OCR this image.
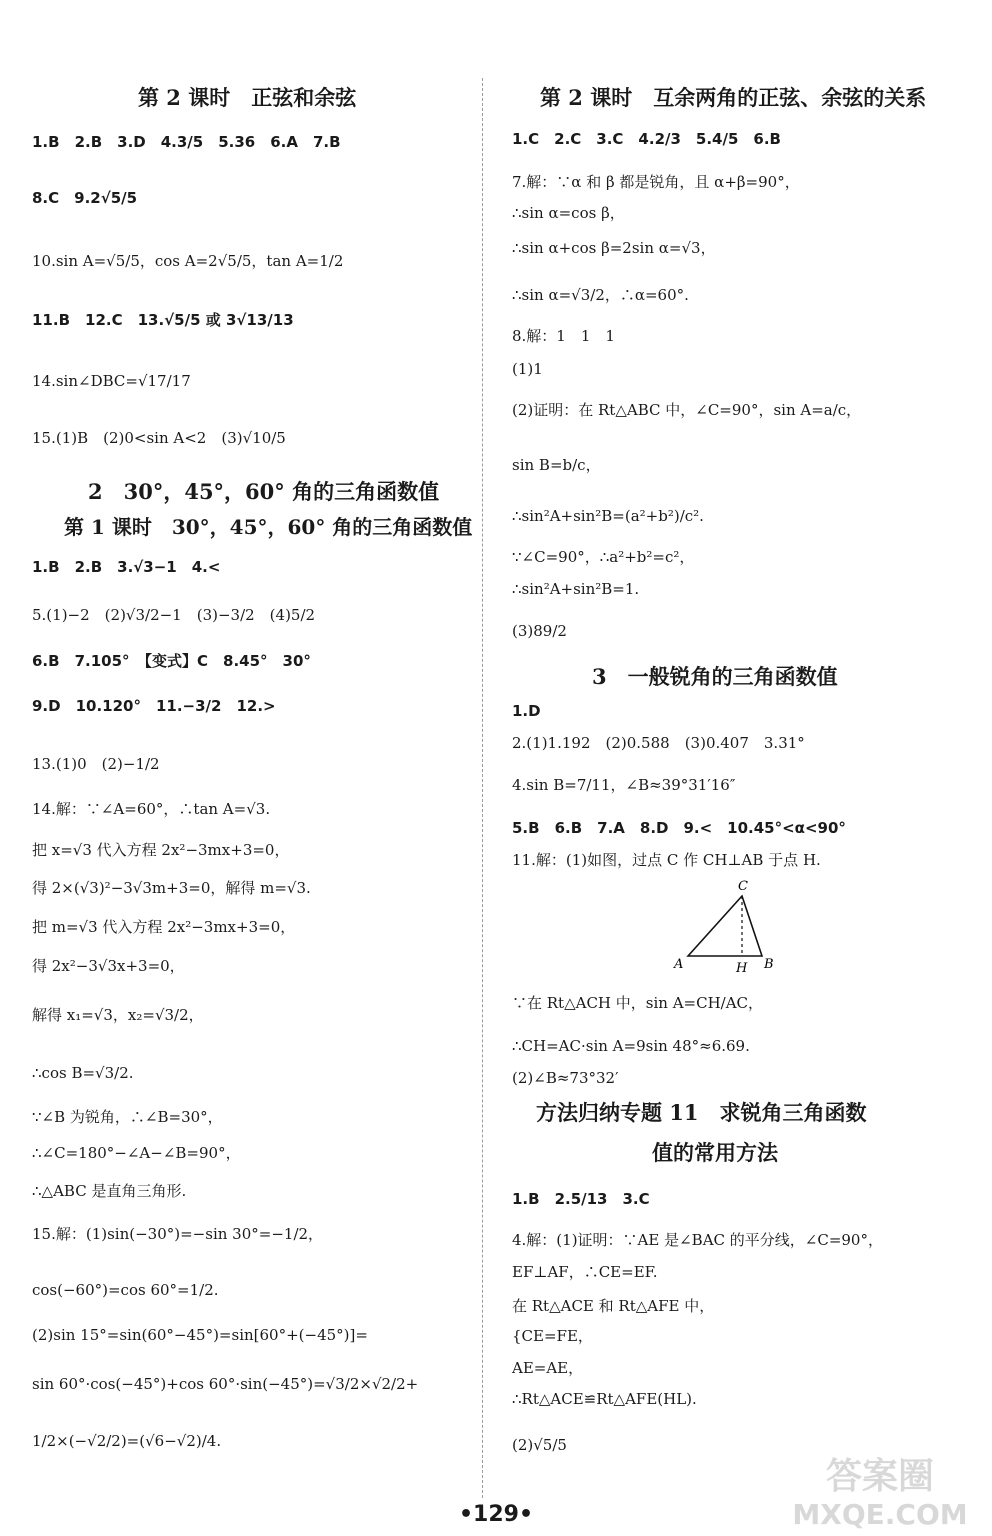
第 2 课时　正弦和余弦
1.B　2.B　3.D　4.3/5　5.36　6.A　7.B
8.C　9.2√5/5
10.sin A=√5/5，cos A=2√5/5，tan A=1/2
11.B　12.C　13.√5/5 或 3√13/13
14.sin∠DBC=√17/17
15.(1)B　(2)0<sin A<2　(3)√10/5
2　30°，45°，60° 角的三角函数值
第 1 课时　30°，45°，60° 角的三角函数值
1.B　2.B　3.√3−1　4.<
5.(1)−2　(2)√3/2−1　(3)−3/2　(4)5/2
6.B　7.105°　【变式】C　8.45°　30°
9.D　10.120°　11.−3/2　12.>
13.(1)0　(2)−1/2
14.解：∵∠A=60°，∴tan A=√3.
把 x=√3 代入方程 2x²−3mx+3=0，
得 2×(√3)²−3√3m+3=0，解得 m=√3.
把 m=√3 代入方程 2x²−3mx+3=0，
得 2x²−3√3x+3=0，
解得 x₁=√3，x₂=√3/2，
∴cos B=√3/2.
∵∠B 为锐角，∴∠B=30°，
∴∠C=180°−∠A−∠B=90°，
∴△ABC 是直角三角形.
15.解：(1)sin(−30°)=−sin 30°=−1/2，
cos(−60°)=cos 60°=1/2.
(2)sin 15°=sin(60°−45°)=sin[60°+(−45°)]=
sin 60°·cos(−45°)+cos 60°·sin(−45°)=√3/2×√2/2+
1/2×(−√2/2)=(√6−√2)/4.
第 2 课时　互余两角的正弦、余弦的关系
1.C　2.C　3.C　4.2/3　5.4/5　6.B
7.解：∵α 和 β 都是锐角，且 α+β=90°，
∴sin α=cos β，
∴sin α+cos β=2sin α=√3，
∴sin α=√3/2，∴α=60°.
8.解：1　1　1
(1)1
(2)证明：在 Rt△ABC 中，∠C=90°，sin A=a/c，
sin B=b/c，
∴sin²A+sin²B=(a²+b²)/c².
∵∠C=90°，∴a²+b²=c²，
∴sin²A+sin²B=1.
(3)89/2
3　一般锐角的三角函数值
1.D
2.(1)1.192　(2)0.588　(3)0.407　3.31°
4.sin B=7/11，∠B≈39°31′16″
5.B　6.B　7.A　8.D　9.<　10.45°<α<90°
11.解：(1)如图，过点 C 作 CH⊥AB 于点 H.
∵在 Rt△ACH 中，sin A=CH/AC，
∴CH=AC·sin A=9sin 48°≈6.69.
(2)∠B≈73°32′
方法归纳专题 11　求锐角三角函数
值的常用方法
1.B　2.5/13　3.C
4.解：(1)证明：∵AE 是∠BAC 的平分线，∠C=90°，
EF⊥AF，∴CE=EF.
在 Rt△ACE 和 Rt△AFE 中，
{CE=FE，
AE=AE，
∴Rt△ACE≌Rt△AFE(HL).
(2)√5/5
A	H B
C
•129•
答案圈
MXQE.COM
